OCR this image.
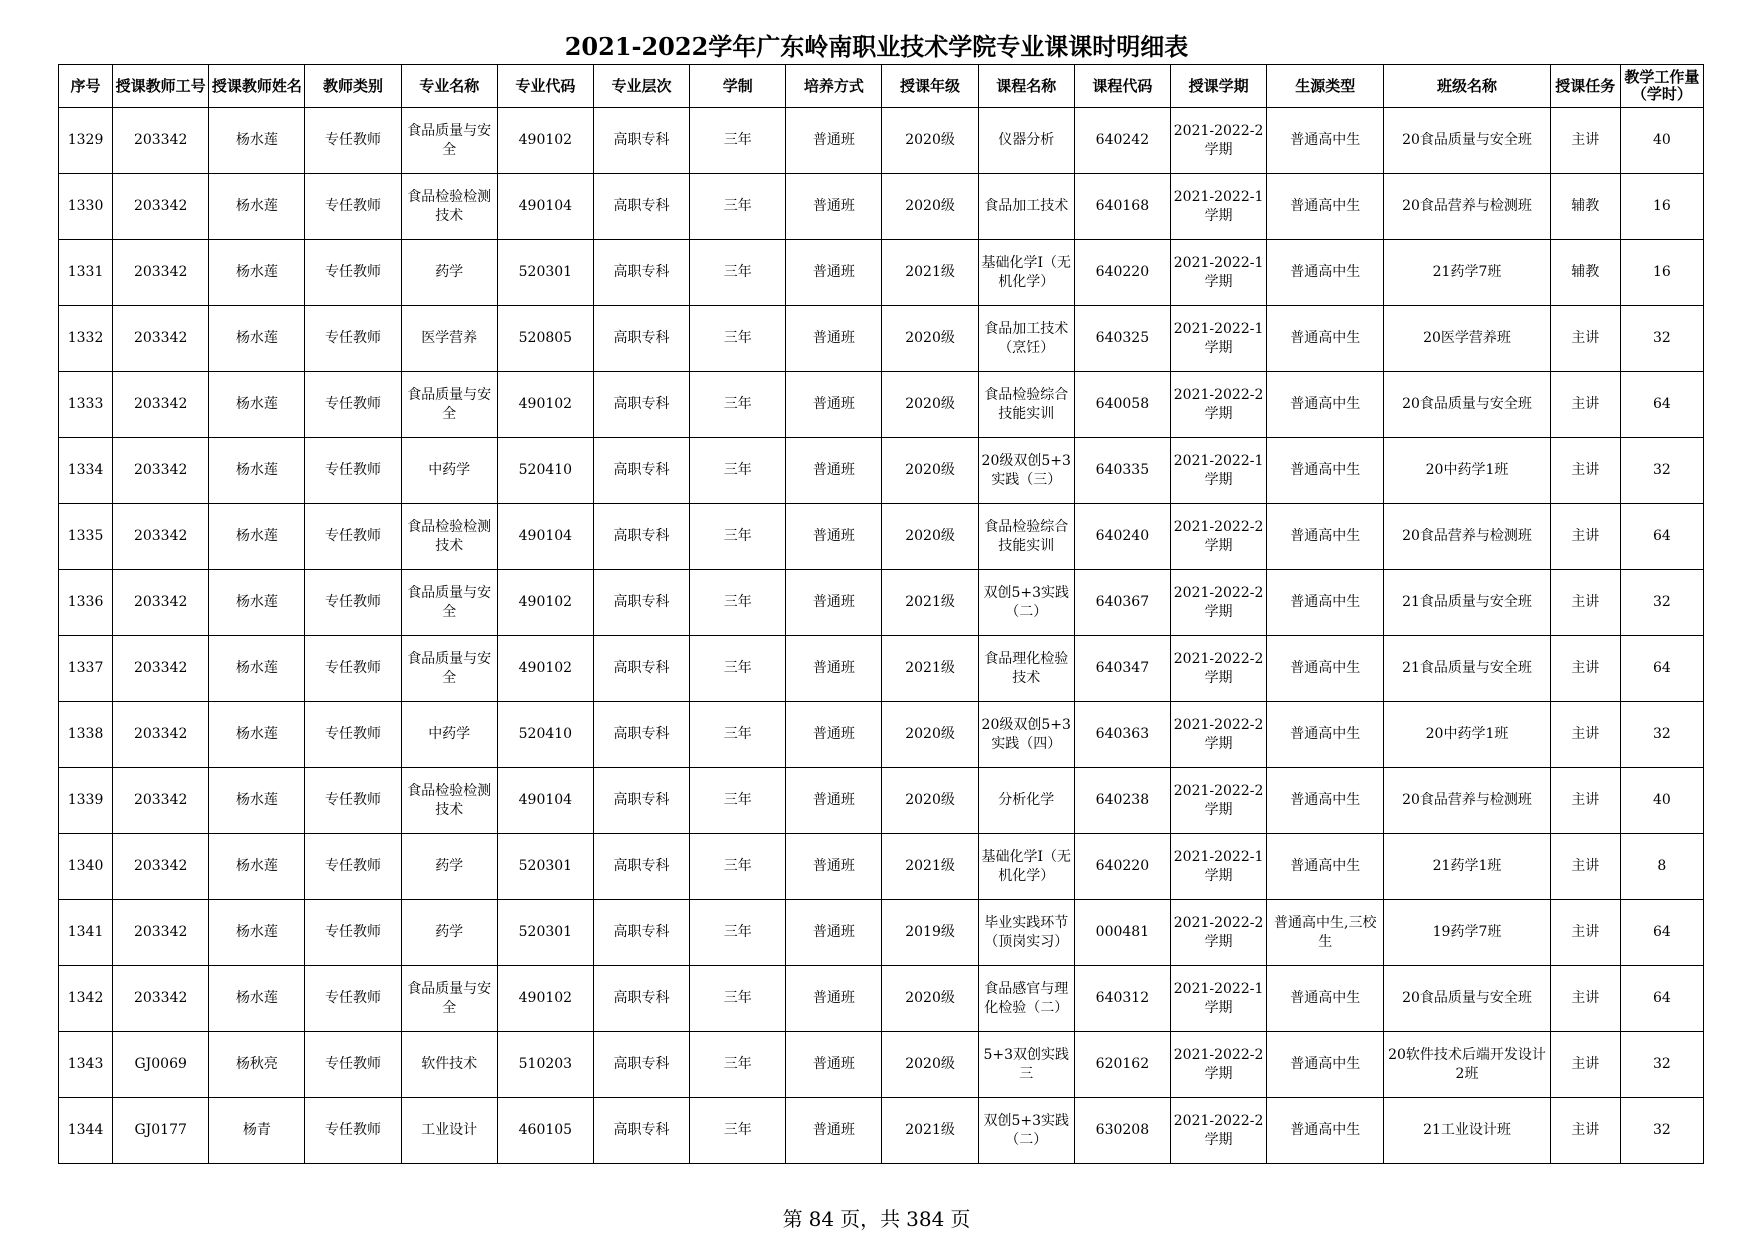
2021-2022学年广东岭南职业技术学院专业课课时明细表
序号	授课教师工号	授课教师姓名	教师类别	专业名称	专业代码	专业层次	学制	培养方式	授课年级	课程名称	课程代码	授课学期	生源类型	班级名称	授课任务	教学工作量（学时）
1329	203342	杨水莲	专任教师	食品质量与安全	490102	高职专科	三年	普通班	2020级	仪器分析	640242	2021-2022-2学期	普通高中生	20食品质量与安全班	主讲	40
1330	203342	杨水莲	专任教师	食品检验检测技术	490104	高职专科	三年	普通班	2020级	食品加工技术	640168	2021-2022-1学期	普通高中生	20食品营养与检测班	辅教	16
1331	203342	杨水莲	专任教师	药学	520301	高职专科	三年	普通班	2021级	基础化学I（无机化学）	640220	2021-2022-1学期	普通高中生	21药学7班	辅教	16
1332	203342	杨水莲	专任教师	医学营养	520805	高职专科	三年	普通班	2020级	食品加工技术（烹饪）	640325	2021-2022-1学期	普通高中生	20医学营养班	主讲	32
1333	203342	杨水莲	专任教师	食品质量与安全	490102	高职专科	三年	普通班	2020级	食品检验综合技能实训	640058	2021-2022-2学期	普通高中生	20食品质量与安全班	主讲	64
1334	203342	杨水莲	专任教师	中药学	520410	高职专科	三年	普通班	2020级	20级双创5+3实践（三）	640335	2021-2022-1学期	普通高中生	20中药学1班	主讲	32
1335	203342	杨水莲	专任教师	食品检验检测技术	490104	高职专科	三年	普通班	2020级	食品检验综合技能实训	640240	2021-2022-2学期	普通高中生	20食品营养与检测班	主讲	64
1336	203342	杨水莲	专任教师	食品质量与安全	490102	高职专科	三年	普通班	2021级	双创5+3实践（二）	640367	2021-2022-2学期	普通高中生	21食品质量与安全班	主讲	32
1337	203342	杨水莲	专任教师	食品质量与安全	490102	高职专科	三年	普通班	2021级	食品理化检验技术	640347	2021-2022-2学期	普通高中生	21食品质量与安全班	主讲	64
1338	203342	杨水莲	专任教师	中药学	520410	高职专科	三年	普通班	2020级	20级双创5+3实践（四）	640363	2021-2022-2学期	普通高中生	20中药学1班	主讲	32
1339	203342	杨水莲	专任教师	食品检验检测技术	490104	高职专科	三年	普通班	2020级	分析化学	640238	2021-2022-2学期	普通高中生	20食品营养与检测班	主讲	40
1340	203342	杨水莲	专任教师	药学	520301	高职专科	三年	普通班	2021级	基础化学I（无机化学）	640220	2021-2022-1学期	普通高中生	21药学1班	主讲	8
1341	203342	杨水莲	专任教师	药学	520301	高职专科	三年	普通班	2019级	毕业实践环节（顶岗实习）	000481	2021-2022-2学期	普通高中生,三校生	19药学7班	主讲	64
1342	203342	杨水莲	专任教师	食品质量与安全	490102	高职专科	三年	普通班	2020级	食品感官与理化检验（二）	640312	2021-2022-1学期	普通高中生	20食品质量与安全班	主讲	64
1343	GJ0069	杨秋亮	专任教师	软件技术	510203	高职专科	三年	普通班	2020级	5+3双创实践三	620162	2021-2022-2学期	普通高中生	20软件技术后端开发设计2班	主讲	32
1344	GJ0177	杨青	专任教师	工业设计	460105	高职专科	三年	普通班	2021级	双创5+3实践（二）	630208	2021-2022-2学期	普通高中生	21工业设计班	主讲	32
第 84 页，共 384 页
